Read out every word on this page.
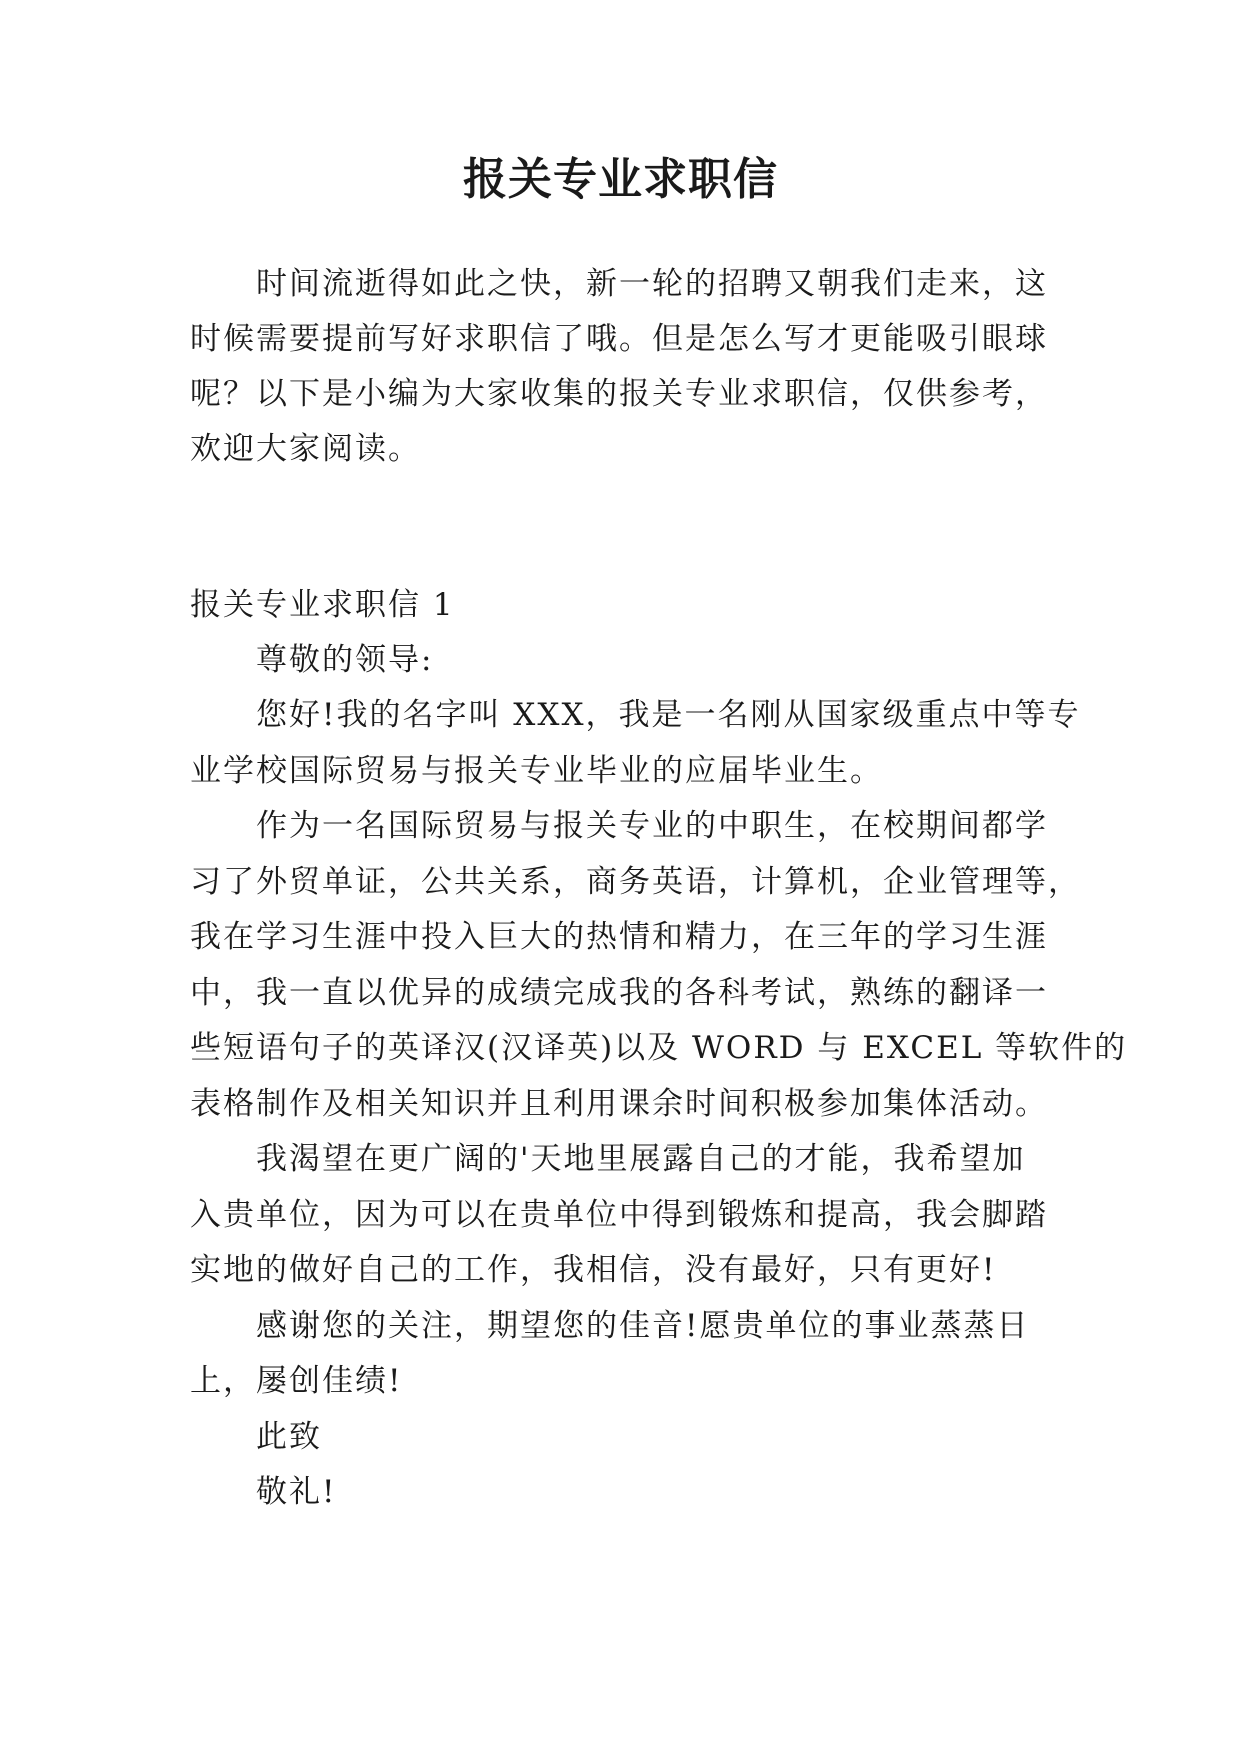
报关专业求职信
时间流逝得如此之快，新一轮的招聘又朝我们走来，这
时候需要提前写好求职信了哦。但是怎么写才更能吸引眼球
呢？以下是小编为大家收集的报关专业求职信，仅供参考，
欢迎大家阅读。
报关专业求职信 1
尊敬的领导:
您好!我的名字叫 XXX，我是一名刚从国家级重点中等专
业学校国际贸易与报关专业毕业的应届毕业生。
作为一名国际贸易与报关专业的中职生，在校期间都学
习了外贸单证，公共关系，商务英语，计算机，企业管理等，
我在学习生涯中投入巨大的热情和精力，在三年的学习生涯
中，我一直以优异的成绩完成我的各科考试，熟练的翻译一
些短语句子的英译汉(汉译英)以及 WORD 与 EXCEL 等软件的
表格制作及相关知识并且利用课余时间积极参加集体活动。
我渴望在更广阔的'天地里展露自己的才能，我希望加
入贵单位，因为可以在贵单位中得到锻炼和提高，我会脚踏
实地的做好自己的工作，我相信，没有最好，只有更好!
感谢您的关注，期望您的佳音!愿贵单位的事业蒸蒸日
上，屡创佳绩!
此致
敬礼!
